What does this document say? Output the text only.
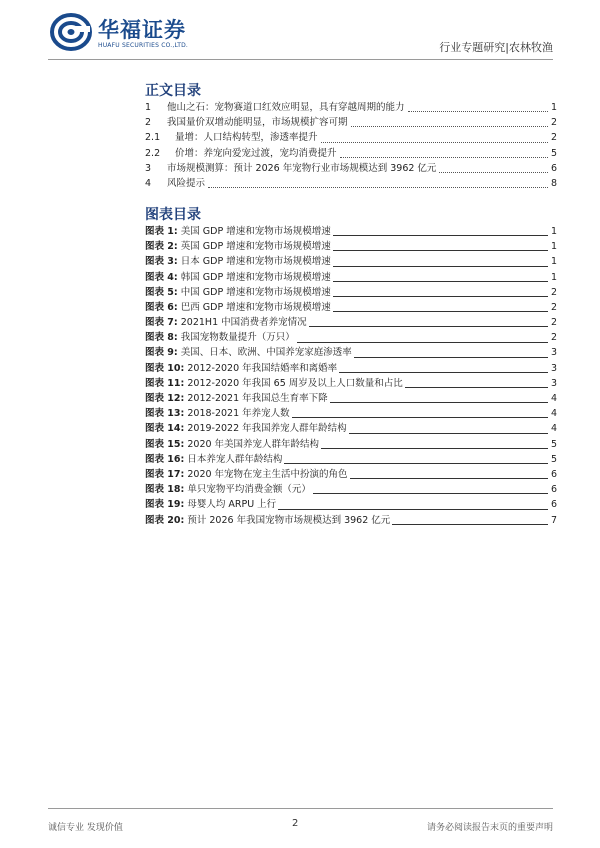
华福证券
HUAFU SECURITIES CO.,LTD.	行业专题研究|农林牧渔
正文目录
1	他山之石：宠物赛道口红效应明显，具有穿越周期的能力	1
2	我国量价双增动能明显，市场规模扩容可期	2
2.1	量增：人口结构转型，渗透率提升	2
2.2	价增：养宠向爱宠过渡，宠均消费提升	5
3	市场规模测算：预计 2026 年宠物行业市场规模达到 3962 亿元	6
4	风险提示	8
图表目录
图表 1: 美国 GDP 增速和宠物市场规模增速	1
图表 2: 英国 GDP 增速和宠物市场规模增速	1
图表 3: 日本 GDP 增速和宠物市场规模增速	1
图表 4: 韩国 GDP 增速和宠物市场规模增速	1
图表 5: 中国 GDP 增速和宠物市场规模增速	2
图表 6: 巴西 GDP 增速和宠物市场规模增速	2
图表 7: 2021H1 中国消费者养宠情况	2
图表 8: 我国宠物数量提升（万只）	2
图表 9: 美国、日本、欧洲、中国养宠家庭渗透率	3
图表 10: 2012-2020 年我国结婚率和离婚率	3
图表 11: 2012-2020 年我国 65 周岁及以上人口数量和占比	3
图表 12: 2012-2021 年我国总生育率下降	4
图表 13: 2018-2021 年养宠人数	4
图表 14: 2019-2022 年我国养宠人群年龄结构	4
图表 15: 2020 年美国养宠人群年龄结构	5
图表 16: 日本养宠人群年龄结构	5
图表 17: 2020 年宠物在宠主生活中扮演的角色	6
图表 18: 单只宠物平均消费金额（元）	6
图表 19: 母婴人均 ARPU 上行	6
图表 20: 预计 2026 年我国宠物市场规模达到 3962 亿元	7
诚信专业 发现价值	2	请务必阅读报告末页的重要声明
